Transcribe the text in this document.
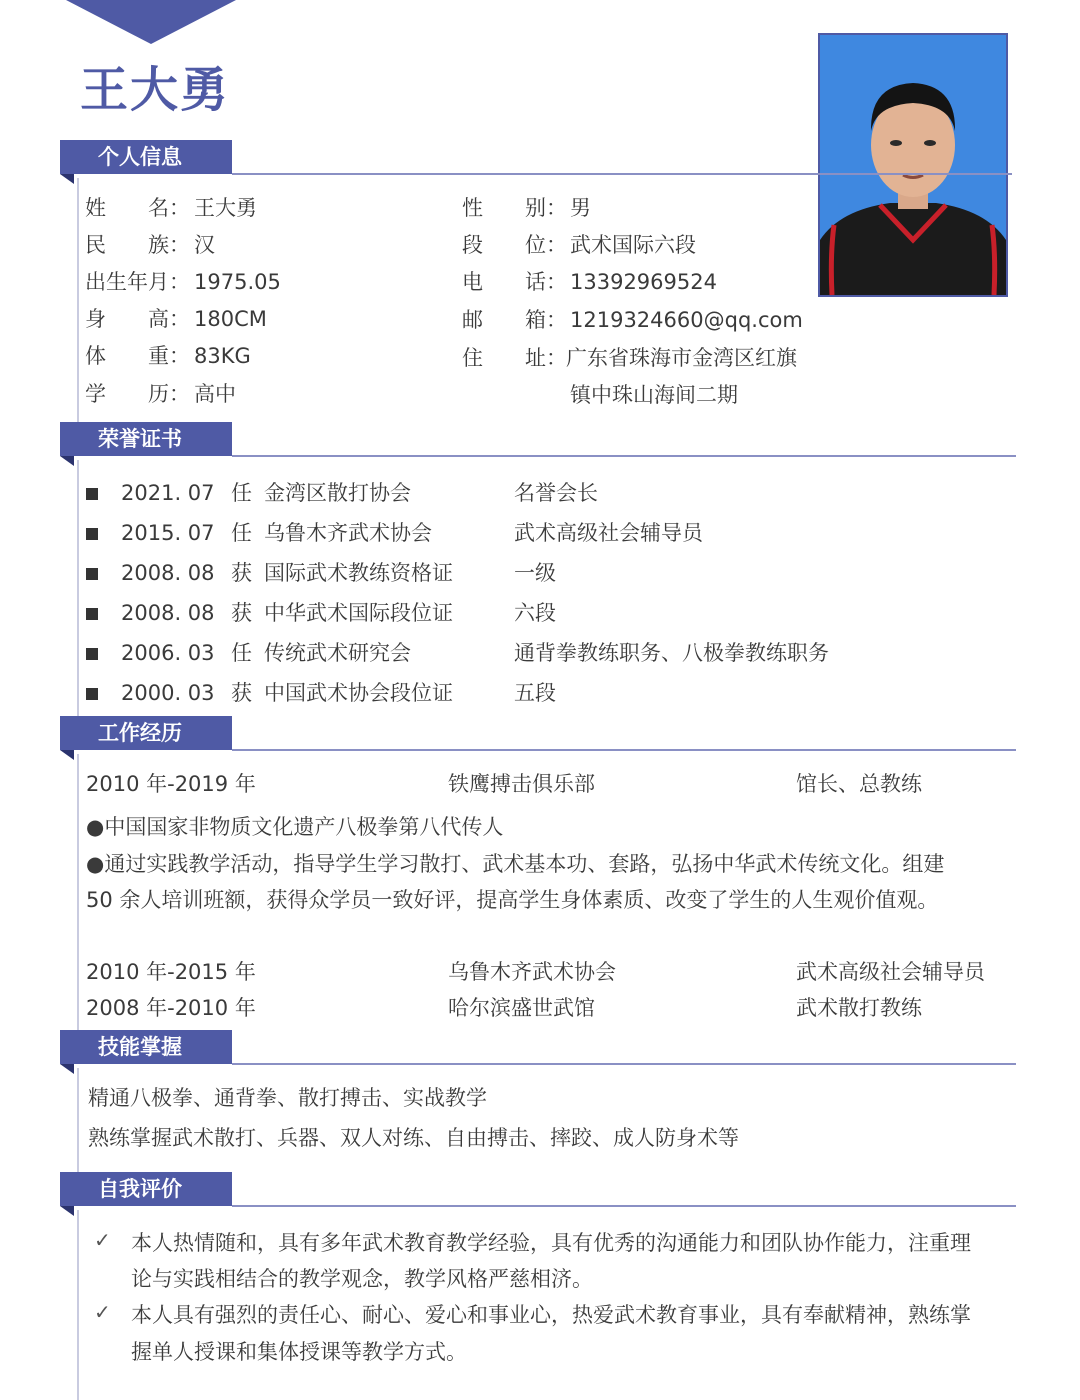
王大勇
个人信息
姓　　名： 王大勇
民　　族： 汉
出生年月： 1975.05
身　　高： 180CM
体　　重： 83KG
学　　历： 高中
性　　别： 男
段　　位： 武术国际六段
电　　话： 13392969524
邮　　箱： 1219324660@qq.com
住　　址： 广东省珠海市金湾区红旗
镇中珠山海间二期
荣誉证书
2021. 07 任 金湾区散打协会	名誉会长
2015. 07 任 乌鲁木齐武术协会	武术高级社会辅导员
2008. 08 获 国际武术教练资格证	一级
2008. 08 获 中华武术国际段位证	六段
2006. 03 任 传统武术研究会	通背拳教练职务、八极拳教练职务
2000. 03 获 中国武术协会段位证	五段
工作经历
2010 年-2019 年	铁鹰搏击俱乐部	馆长、总教练
●中国国家非物质文化遗产八极拳第八代传人
●通过实践教学活动，指导学生学习散打、武术基本功、套路，弘扬中华武术传统文化。组建
50 余人培训班额，获得众学员一致好评，提高学生身体素质、改变了学生的人生观价值观。
2010 年-2015 年	乌鲁木齐武术协会	武术高级社会辅导员
2008 年-2010 年	哈尔滨盛世武馆	武术散打教练
技能掌握
精通八极拳、通背拳、散打搏击、实战教学
熟练掌握武术散打、兵器、双人对练、自由搏击、摔跤、成人防身术等
自我评价
✓ 本人热情随和，具有多年武术教育教学经验，具有优秀的沟通能力和团队协作能力，注重理
论与实践相结合的教学观念，教学风格严慈相济。
✓ 本人具有强烈的责任心、耐心、爱心和事业心，热爱武术教育事业，具有奉献精神，熟练掌
握单人授课和集体授课等教学方式。
